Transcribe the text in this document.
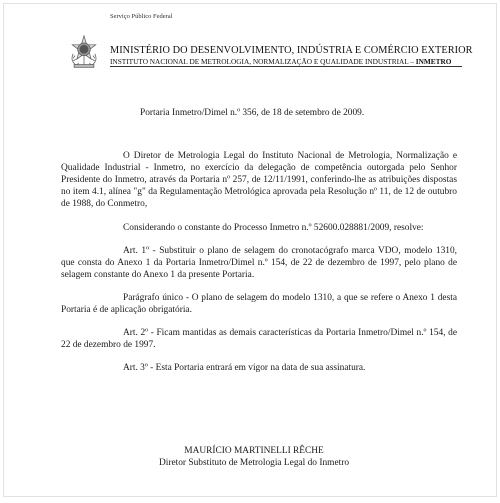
Serviço Público Federal
MINISTÉRIO DO DESENVOLVIMENTO, INDÚSTRIA E COMÉRCIO EXTERIOR
INSTITUTO NACIONAL DE METROLOGIA, NORMALIZAÇÃO E QUALIDADE INDUSTRIAL – INMETRO

Portaria Inmetro/Dimel n.º 356, de 18 de setembro de 2009.

O Diretor de Metrologia Legal do Instituto Nacional de Metrologia, Normalização e Qualidade Industrial - Inmetro, no exercício da delegação de competência outorgada pelo Senhor Presidente do Inmetro, através da Portaria nº 257, de 12/11/1991, conferindo-lhe as atribuições dispostas no item 4.1, alínea "g" da Regulamentação Metrológica aprovada pela Resolução nº 11, de 12 de outubro de 1988, do Conmetro,

Considerando o constante do Processo Inmetro n.º 52600.028881/2009, resolve:

Art. 1º - Substituir o plano de selagem do cronotacógrafo marca VDO, modelo 1310, que consta do Anexo 1 da Portaria Inmetro/Dimel n.º 154, de 22 de dezembro de 1997, pelo plano de selagem constante do Anexo 1 da presente Portaria.

Parágrafo único - O plano de selagem do modelo 1310, a que se refere o Anexo 1 desta Portaria é de aplicação obrigatória.

Art. 2º - Ficam mantidas as demais características da Portaria Inmetro/Dimel n.º 154, de 22 de dezembro de 1997.

Art. 3º - Esta Portaria entrará em vigor na data de sua assinatura.

MAURÍCIO MARTINELLI RÊCHE
Diretor Substituto de Metrologia Legal do Inmetro
